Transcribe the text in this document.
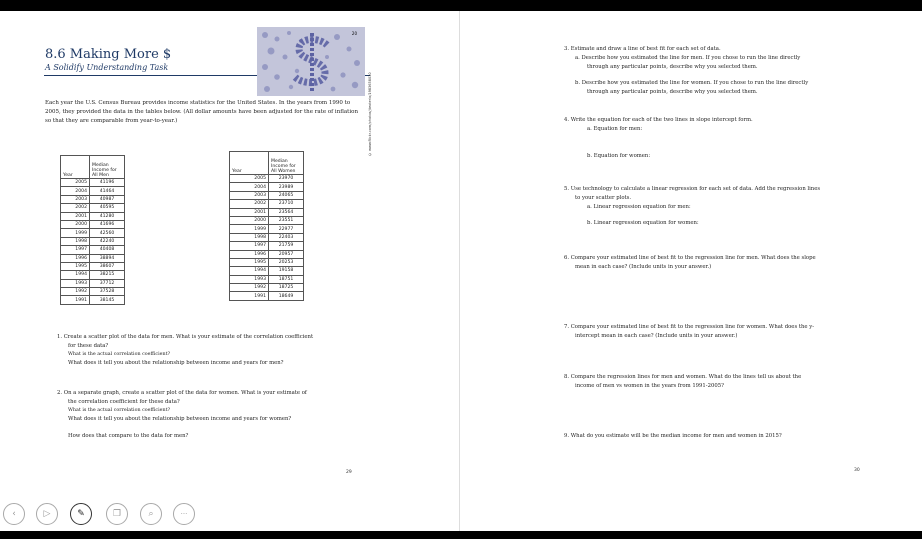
8.6 Making More $
A Solidify Understanding Task
20
© www.flickr.com/photos/jtexterio/1983658030
Each year the U.S. Census Bureau provides income statistics for the United States. In the years from 1990 to 2005, they provided the data in the tables below. (All dollar amounts have been adjusted for the rate of inflation so that they are comparable from year-to-year.)
Year	Median Income for All Men
2005	41196
2004	41464
2003	40987
2002	40595
2001	41280
2000	41696
1999	42560
1998	42240
1997	40408
1996	38894
1995	38607
1994	38215
1993	37712
1992	37528
1991	38145
Year	Median Income for All Women
2005	23970
2004	23989
2003	24065
2002	23710
2001	23564
2000	23551
1999	22977
1998	22403
1997	21759
1996	20957
1995	20253
1994	19158
1993	18751
1992	18725
1991	18649
1. Create a scatter plot of the data for men. What is your estimate of the correlation coefficient
for these data?
What is the actual correlation coefficient?
What does it tell you about the relationship between income and years for men?
2. On a separate graph, create a scatter plot of the data for women. What is your estimate of
the correlation coefficient for these data?
What is the actual correlation coefficient?
What does it tell you about the relationship between income and years for women?
How does that compare to the data for men?
29
3. Estimate and draw a line of best fit for each set of data.
a. Describe how you estimated the line for men. If you chose to run the line directly
through any particular points, describe why you selected them.
b. Describe how you estimated the line for women. If you chose to run the line directly
through any particular points, describe why you selected them.
4. Write the equation for each of the two lines in slope intercept form.
a. Equation for men:
b. Equation for women:
5. Use technology to calculate a linear regression for each set of data. Add the regression lines
to your scatter plots.
a. Linear regression equation for men:
b. Linear regression equation for women:
6. Compare your estimated line of best fit to the regression line for men. What does the slope
mean in each case? (Include units in your answer.)
7. Compare your estimated line of best fit to the regression line for women. What does the y-
intercept mean in each case? (Include units in your answer.)
8. Compare the regression lines for men and women. What do the lines tell us about the
income of men vs women in the years from 1991-2005?
9. What do you estimate will be the median income for men and women in 2015?
30
‹	▷	✎	❐	⌕	···
